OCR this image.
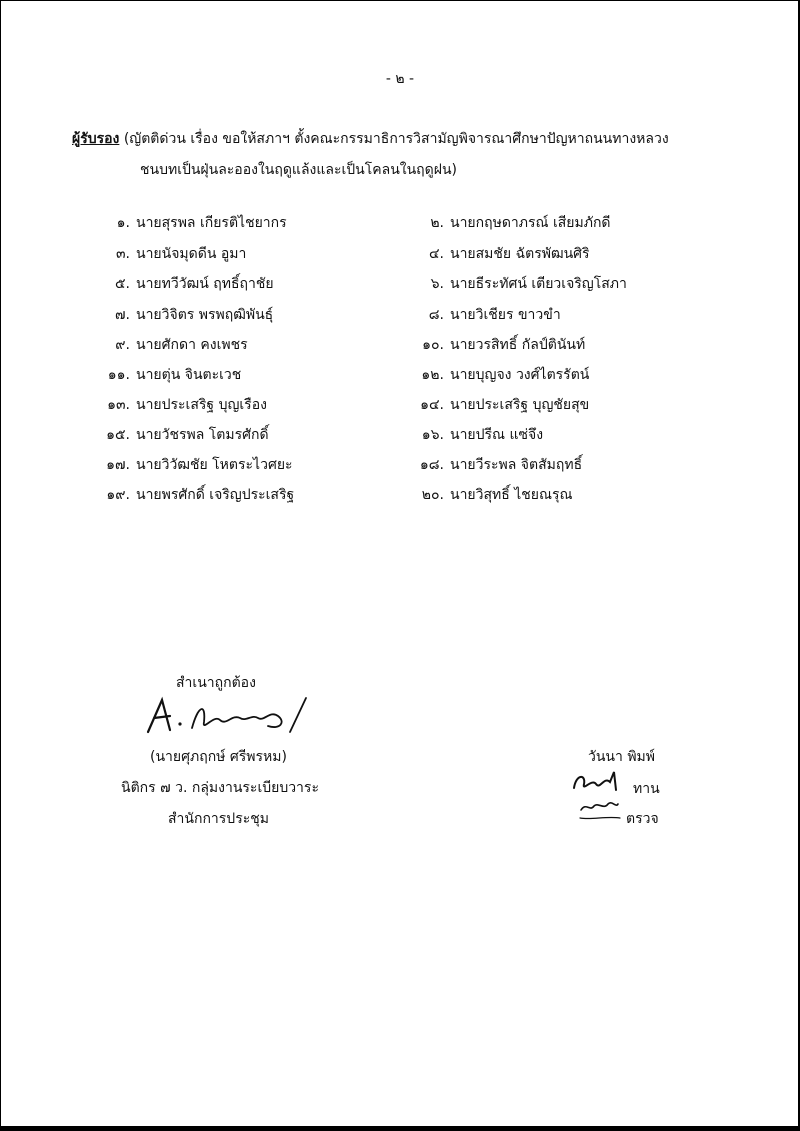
- ๒ -
ผู้รับรอง (ญัตติด่วน เรื่อง ขอให้สภาฯ ตั้งคณะกรรมาธิการวิสามัญพิจารณาศึกษาปัญหาถนนทางหลวง
ชนบทเป็นฝุ่นละอองในฤดูแล้งและเป็นโคลนในฤดูฝน)
๑. นายสุรพล เกียรติไชยากร
๓. นายนัจมุดดีน อูมา
๕. นายทวีวัฒน์ ฤทธิ์ฤาชัย
๗. นายวิจิตร พรพฤฒิพันธุ์
๙. นายศักดา คงเพชร
๑๑. นายตุ่น จินตะเวช
๑๓. นายประเสริฐ บุญเรือง
๑๕. นายวัชรพล โตมรศักดิ์
๑๗. นายวิวัฒชัย โหตระไวศยะ
๑๙. นายพรศักดิ์ เจริญประเสริฐ
๒. นายกฤษดาภรณ์ เสียมภักดี
๔. นายสมชัย ฉัตรพัฒนศิริ
๖. นายธีระทัศน์ เตียวเจริญโสภา
๘. นายวิเชียร ขาวขำ
๑๐. นายวรสิทธิ์ กัลป์ตินันท์
๑๒. นายบุญจง วงศ์ไตรรัตน์
๑๔. นายประเสริฐ บุญชัยสุข
๑๖. นายปรีณ แซ่จึง
๑๘. นายวีระพล จิตสัมฤทธิ์
๒๐. นายวิสุทธิ์ ไชยณรุณ
สำเนาถูกต้อง
(นายศุภฤกษ์ ศรีพรหม)
นิติกร ๗ ว. กลุ่มงานระเบียบวาระ
สำนักการประชุม
วันนา พิมพ์
ทาน
ตรวจ
